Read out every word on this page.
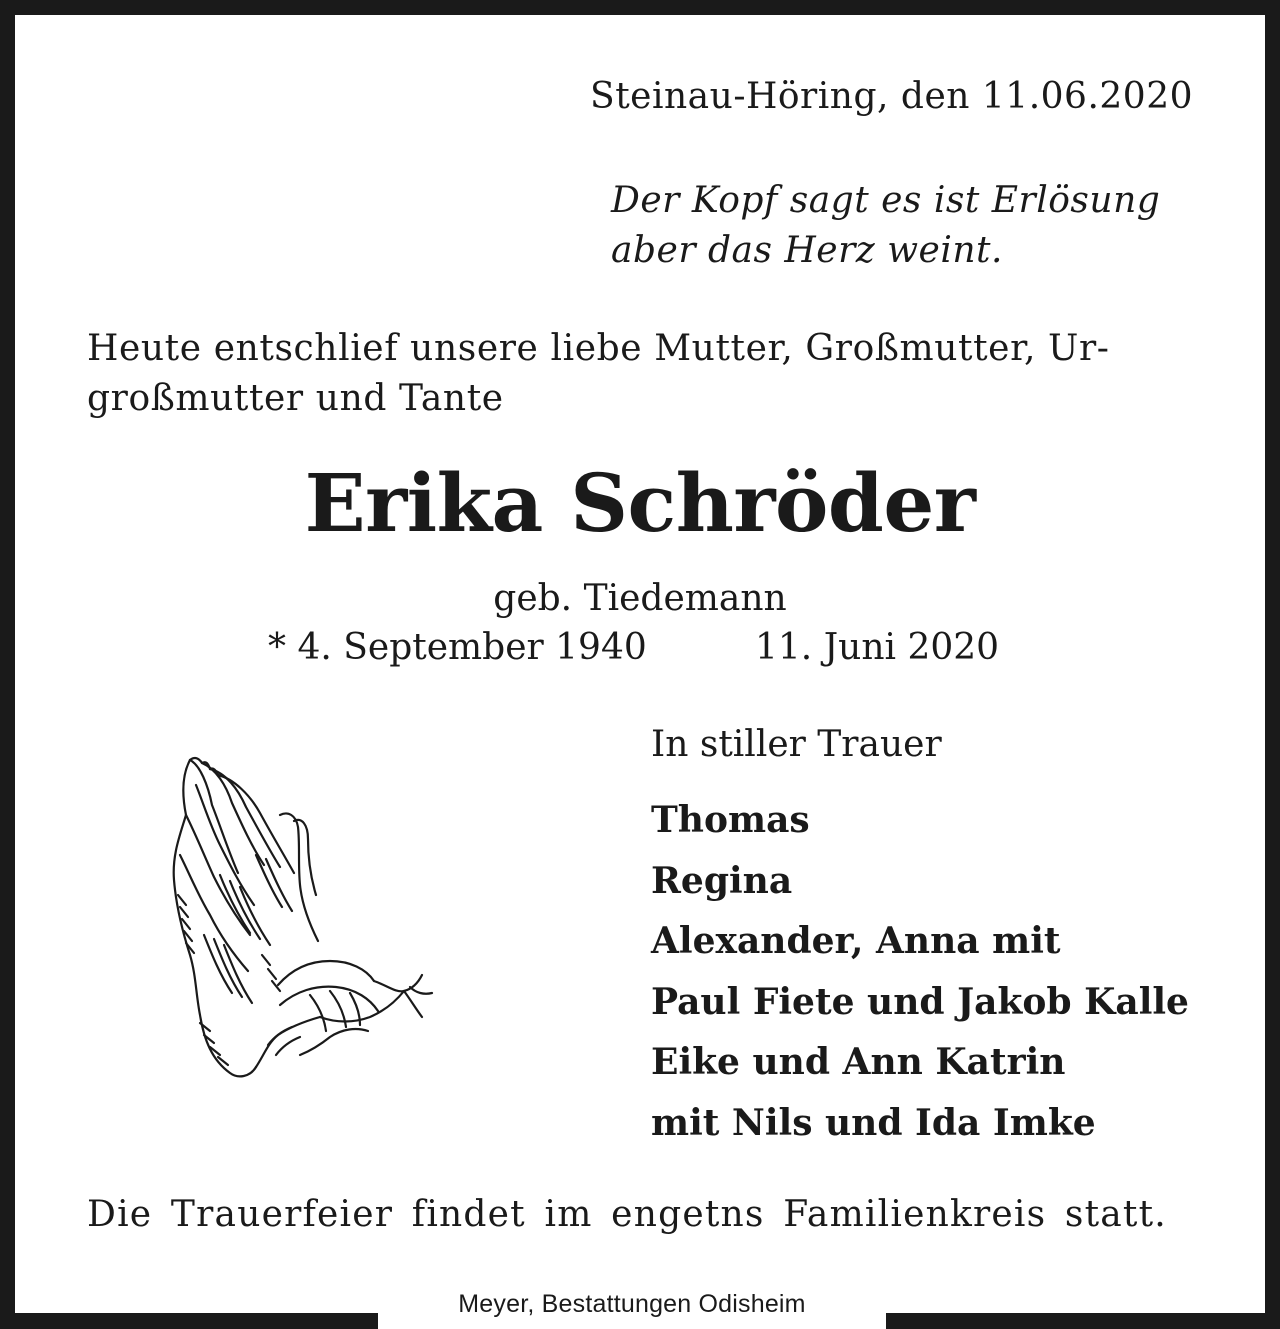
Steinau-Höring, den 11.06.2020
Der Kopf sagt es ist Erlösung
aber das Herz weint.
Heute entschlief unsere liebe Mutter, Großmutter, Ur-
großmutter und Tante
Erika Schröder
geb. Tiedemann
* 4. September 1940	11. Juni 2020
In stiller Trauer
Thomas
Regina
Alexander, Anna mit
Paul Fiete und Jakob Kalle
Eike und Ann Katrin
mit Nils und Ida Imke
Die Trauerfeier findet im engetns Familienkreis statt.
Meyer, Bestattungen Odisheim
